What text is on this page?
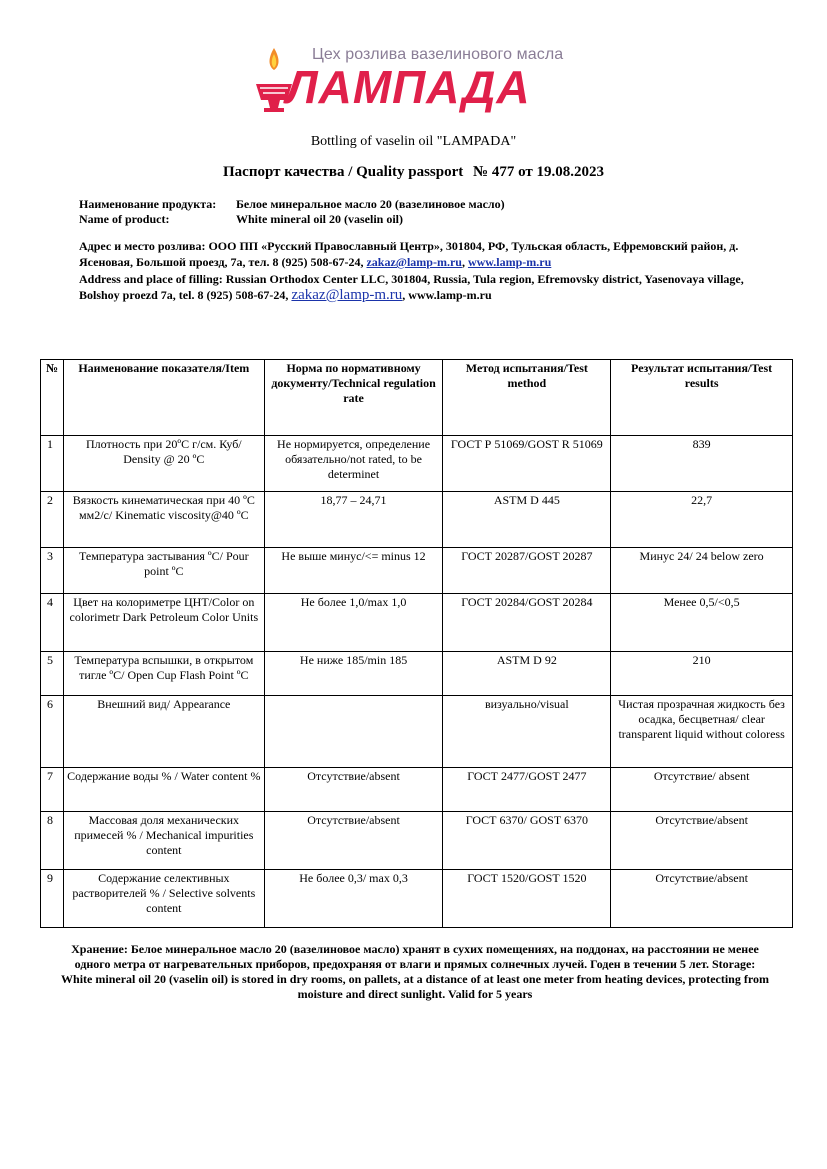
Цех розлива вазелинового масла
ЛАМПАДА
Bottling of vaselin oil "LAMPADA"
Паспорт качества / Quality passport № 477 от 19.08.2023
Наименование продукта:	Белое минеральное масло 20 (вазелиновое масло)
Name of product:	White mineral oil 20 (vaselin oil)
Адрес и место розлива: ООО ПП «Русский Православный Центр», 301804, РФ, Тульская область, Ефремовский район, д. Ясеновая, Большой проезд, 7а, тел. 8 (925) 508-67-24, zakaz@lamp-m.ru, www.lamp-m.ru
Address and place of filling: Russian Orthodox Center LLC, 301804, Russia, Tula region, Efremovsky district, Yasenovaya village, Bolshoy proezd 7a, tel. 8 (925) 508-67-24, zakaz@lamp-m.ru, www.lamp-m.ru
№	Наименование показателя/Item	Норма по нормативному документу/Technical regulation rate	Метод испытания/Test method	Результат испытания/Test results
1	Плотность при 20ºC г/см. Куб/ Density @ 20 ºC	Не нормируется, определение обязательно/not rated, to be determinet	ГОСТ Р 51069/GOST R 51069	839
2	Вязкость кинематическая при 40 ºC мм2/с/ Kinematic viscosity@40 ºC	18,77 – 24,71	ASTM D 445	22,7
3	Температура застывания ºC/ Pour point ºC	Не выше минус/<= minus 12	ГОСТ 20287/GOST 20287	Минус 24/ 24 below zero
4	Цвет на колориметре ЦНТ/Color on colorimetr Dark Petroleum Color Units	Не более 1,0/max 1,0	ГОСТ 20284/GOST 20284	Менее 0,5/<0,5
5	Температура вспышки, в открытом тигле ºC/ Open Cup Flash Point ºC	Не ниже 185/min 185	ASTM D 92	210
6	Внешний вид/ Appearance		визуально/visual	Чистая прозрачная жидкость без осадка, бесцветная/ clear transparent liquid without coloress
7	Содержание воды % / Water content %	Отсутствие/absent	ГОСТ 2477/GOST 2477	Отсутствие/ absent
8	Массовая доля механических примесей % / Mechanical impurities content	Отсутствие/absent	ГОСТ 6370/ GOST 6370	Отсутствие/absent
9	Содержание селективных растворителей % / Selective solvents content	Не более 0,3/ max 0,3	ГОСТ 1520/GOST 1520	Отсутствие/absent
Хранение: Белое минеральное масло 20 (вазелиновое масло) хранят в сухих помещениях, на поддонах, на расстоянии не менее одного метра от нагревательных приборов, предохраняя от влаги и прямых солнечных лучей. Годен в течении 5 лет. Storage: White mineral oil 20 (vaselin oil) is stored in dry rooms, on pallets, at a distance of at least one meter from heating devices, protecting from moisture and direct sunlight. Valid for 5 years
